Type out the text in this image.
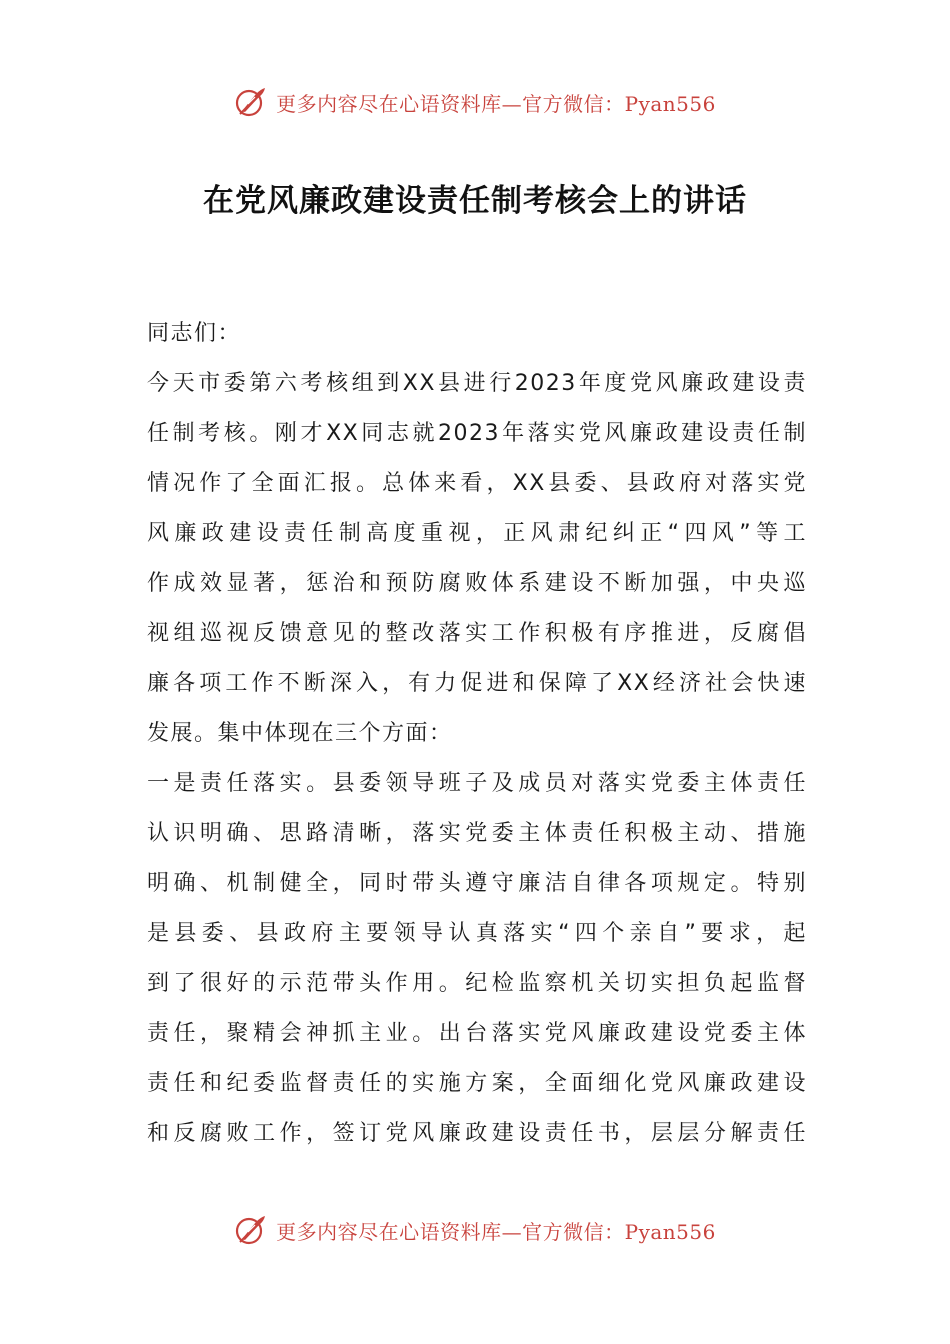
更多内容尽在心语资料库—官方微信：Pyan556
在党风廉政建设责任制考核会上的讲话
同志们：
今天市委第六考核组到XX县进行2023年度党风廉政建设责
任制考核。刚才XX同志就2023年落实党风廉政建设责任制
情况作了全面汇报。总体来看，XX县委、县政府对落实党
风廉政建设责任制高度重视，正风肃纪纠正“四风”等工
作成效显著，惩治和预防腐败体系建设不断加强，中央巡
视组巡视反馈意见的整改落实工作积极有序推进，反腐倡
廉各项工作不断深入，有力促进和保障了XX经济社会快速
发展。集中体现在三个方面：
一是责任落实。县委领导班子及成员对落实党委主体责任
认识明确、思路清晰，落实党委主体责任积极主动、措施
明确、机制健全，同时带头遵守廉洁自律各项规定。特别
是县委、县政府主要领导认真落实“四个亲自”要求，起
到了很好的示范带头作用。纪检监察机关切实担负起监督
责任，聚精会神抓主业。出台落实党风廉政建设党委主体
责任和纪委监督责任的实施方案，全面细化党风廉政建设
和反腐败工作，签订党风廉政建设责任书，层层分解责任
更多内容尽在心语资料库—官方微信：Pyan556
